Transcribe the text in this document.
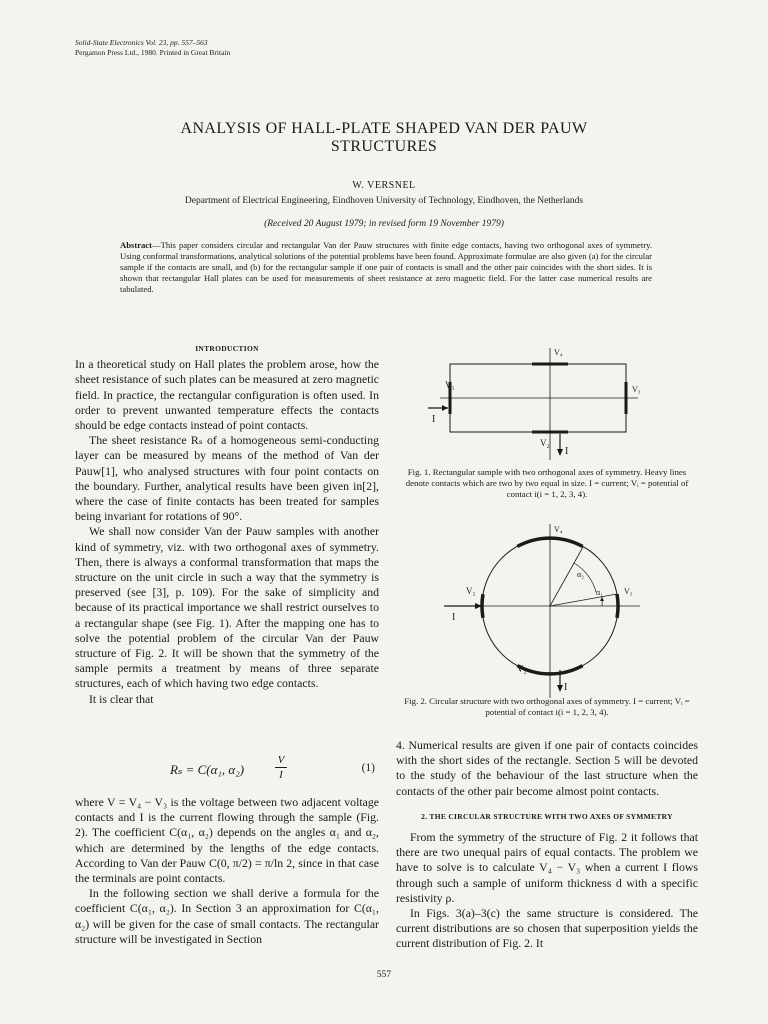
Solid-State Electronics Vol. 23, pp. 557–563
Pergamon Press Ltd., 1980. Printed in Great Britain
ANALYSIS OF HALL-PLATE SHAPED VAN DER PAUW
STRUCTURES
W. VERSNEL
Department of Electrical Engineering, Eindhoven University of Technology, Eindhoven, the Netherlands
(Received 20 August 1979; in revised form 19 November 1979)
Abstract—This paper considers circular and rectangular Van der Pauw structures with finite edge contacts, having two orthogonal axes of symmetry. Using conformal transformations, analytical solutions of the potential problems have been found. Approximate formulae are also given (a) for the circular sample if the contacts are small, and (b) for the rectangular sample if one pair of contacts is small and the other pair coincides with the short sides. It is shown that rectangular Hall plates can be used for measurements of sheet resistance at zero magnetic field. For the latter case numerical results are tabulated.
INTRODUCTION

In a theoretical study on Hall plates the problem arose, how the sheet resistance of such plates can be measured at zero magnetic field. In practice, the rectangular configuration is often used. In order to prevent unwanted temperature effects the contacts should be edge contacts instead of point contacts.

The sheet resistance Rₛ of a homogeneous semi-conducting layer can be measured by means of the method of Van der Pauw[1], who analysed structures with four point contacts on the boundary. Further, analytical results have been given in[2], where the case of finite contacts has been treated for samples being invariant for rotations of 90°.

We shall now consider Van der Pauw samples with another kind of symmetry, viz. with two orthogonal axes of symmetry. Then, there is always a conformal transformation that maps the structure on the unit circle in such a way that the symmetry is preserved (see [3], p. 109). For the sake of simplicity and because of its practical importance we shall restrict ourselves to a rectangular shape (see Fig. 1). After the mapping one has to solve the potential problem of the circular Van der Pauw structure of Fig. 2. It will be shown that the symmetry of the sample permits a treatment by means of three separate structures, each of which having two edge contacts.

It is clear that

Rₛ = C(α₁, α₂)
V
I
(1)

where V = V₄ − V₃ is the voltage between two adjacent voltage contacts and I is the current flowing through the sample (Fig. 2). The coefficient C(α₁, α₂) depends on the angles α₁ and α₂, which are determined by the lengths of the edge contacts. According to Van der Pauw C(0, π/2) = π/ln 2, since in that case the terminals are point contacts.

In the following section we shall derive a formula for the coefficient C(α₁, α₂). In Section 3 an approximation for C(α₁, α₂) will be given for the case of small contacts. The rectangular structure will be investigated in Section

V₄
V₁	V₃
I
V₂
I
Fig. 1. Rectangular sample with two orthogonal axes of symmetry. Heavy lines denote contacts which are two by two equal in size. I = current; Vᵢ = potential of contact i(i = 1, 2, 3, 4).
V₄
V₁	V₃
I
V₂
I
α₁
α₂
Fig. 2. Circular structure with two orthogonal axes of symmetry. I = current; Vᵢ = potential of contact i(i = 1, 2, 3, 4).

4. Numerical results are given if one pair of contacts coincides with the short sides of the rectangle. Section 5 will be devoted to the study of the behaviour of the last structure when the contacts of the other pair become almost point contacts.

2. THE CIRCULAR STRUCTURE WITH TWO AXES OF SYMMETRY

From the symmetry of the structure of Fig. 2 it follows that there are two unequal pairs of equal contacts. The problem we have to solve is to calculate V₄ − V₃ when a current I flows through such a sample of uniform thickness d with a specific resistivity ρ.

In Figs. 3(a)–3(c) the same structure is considered. The current distributions are so chosen that superposition yields the current distribution of Fig. 2. It

557
